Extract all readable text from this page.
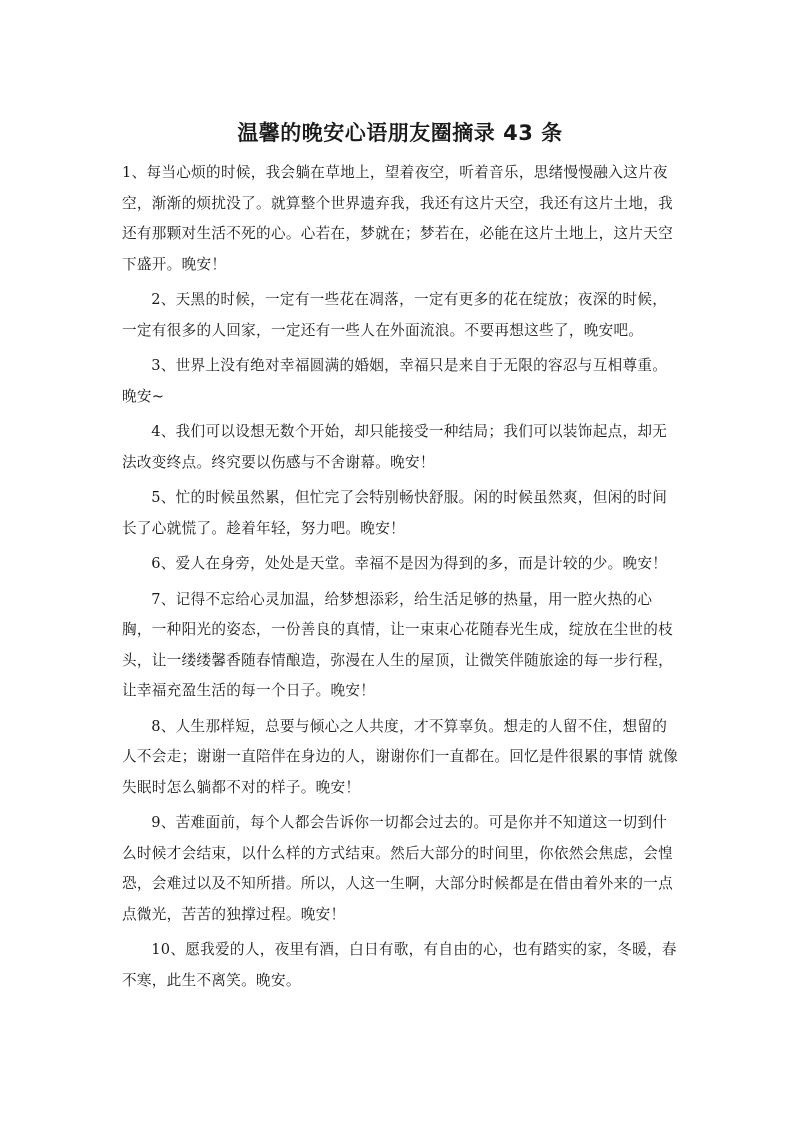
温馨的晚安心语朋友圈摘录 43 条

1、每当心烦的时候，我会躺在草地上，望着夜空，听着音乐，思绪慢慢融入这片夜空，渐渐的烦扰没了。就算整个世界遗弃我，我还有这片天空，我还有这片土地，我还有那颗对生活不死的心。心若在，梦就在；梦若在，必能在这片土地上，这片天空下盛开。晚安！

2、天黑的时候，一定有一些花在凋落，一定有更多的花在绽放；夜深的时候，一定有很多的人回家，一定还有一些人在外面流浪。不要再想这些了，晚安吧。

3、世界上没有绝对幸福圆满的婚姻，幸福只是来自于无限的容忍与互相尊重。晚安~

4、我们可以设想无数个开始，却只能接受一种结局；我们可以装饰起点，却无法改变终点。终究要以伤感与不舍谢幕。晚安！

5、忙的时候虽然累，但忙完了会特别畅快舒服。闲的时候虽然爽，但闲的时间长了心就慌了。趁着年轻，努力吧。晚安！

6、爱人在身旁，处处是天堂。幸福不是因为得到的多，而是计较的少。晚安！

7、记得不忘给心灵加温，给梦想添彩，给生活足够的热量，用一腔火热的心胸，一种阳光的姿态，一份善良的真情，让一束束心花随春光生成，绽放在尘世的枝头，让一缕缕馨香随春情酿造，弥漫在人生的屋顶，让微笑伴随旅途的每一步行程，让幸福充盈生活的每一个日子。晚安！

8、人生那样短，总要与倾心之人共度，才不算辜负。想走的人留不住，想留的人不会走；谢谢一直陪伴在身边的人，谢谢你们一直都在。回忆是件很累的事情 就像失眠时怎么躺都不对的样子。晚安！

9、苦难面前，每个人都会告诉你一切都会过去的。可是你并不知道这一切到什么时候才会结束，以什么样的方式结束。然后大部分的时间里，你依然会焦虑，会惶恐，会难过以及不知所措。所以，人这一生啊，大部分时候都是在借由着外来的一点点微光，苦苦的独撑过程。晚安！

10、愿我爱的人，夜里有酒，白日有歌，有自由的心，也有踏实的家，冬暖，春不寒，此生不离笑。晚安。
